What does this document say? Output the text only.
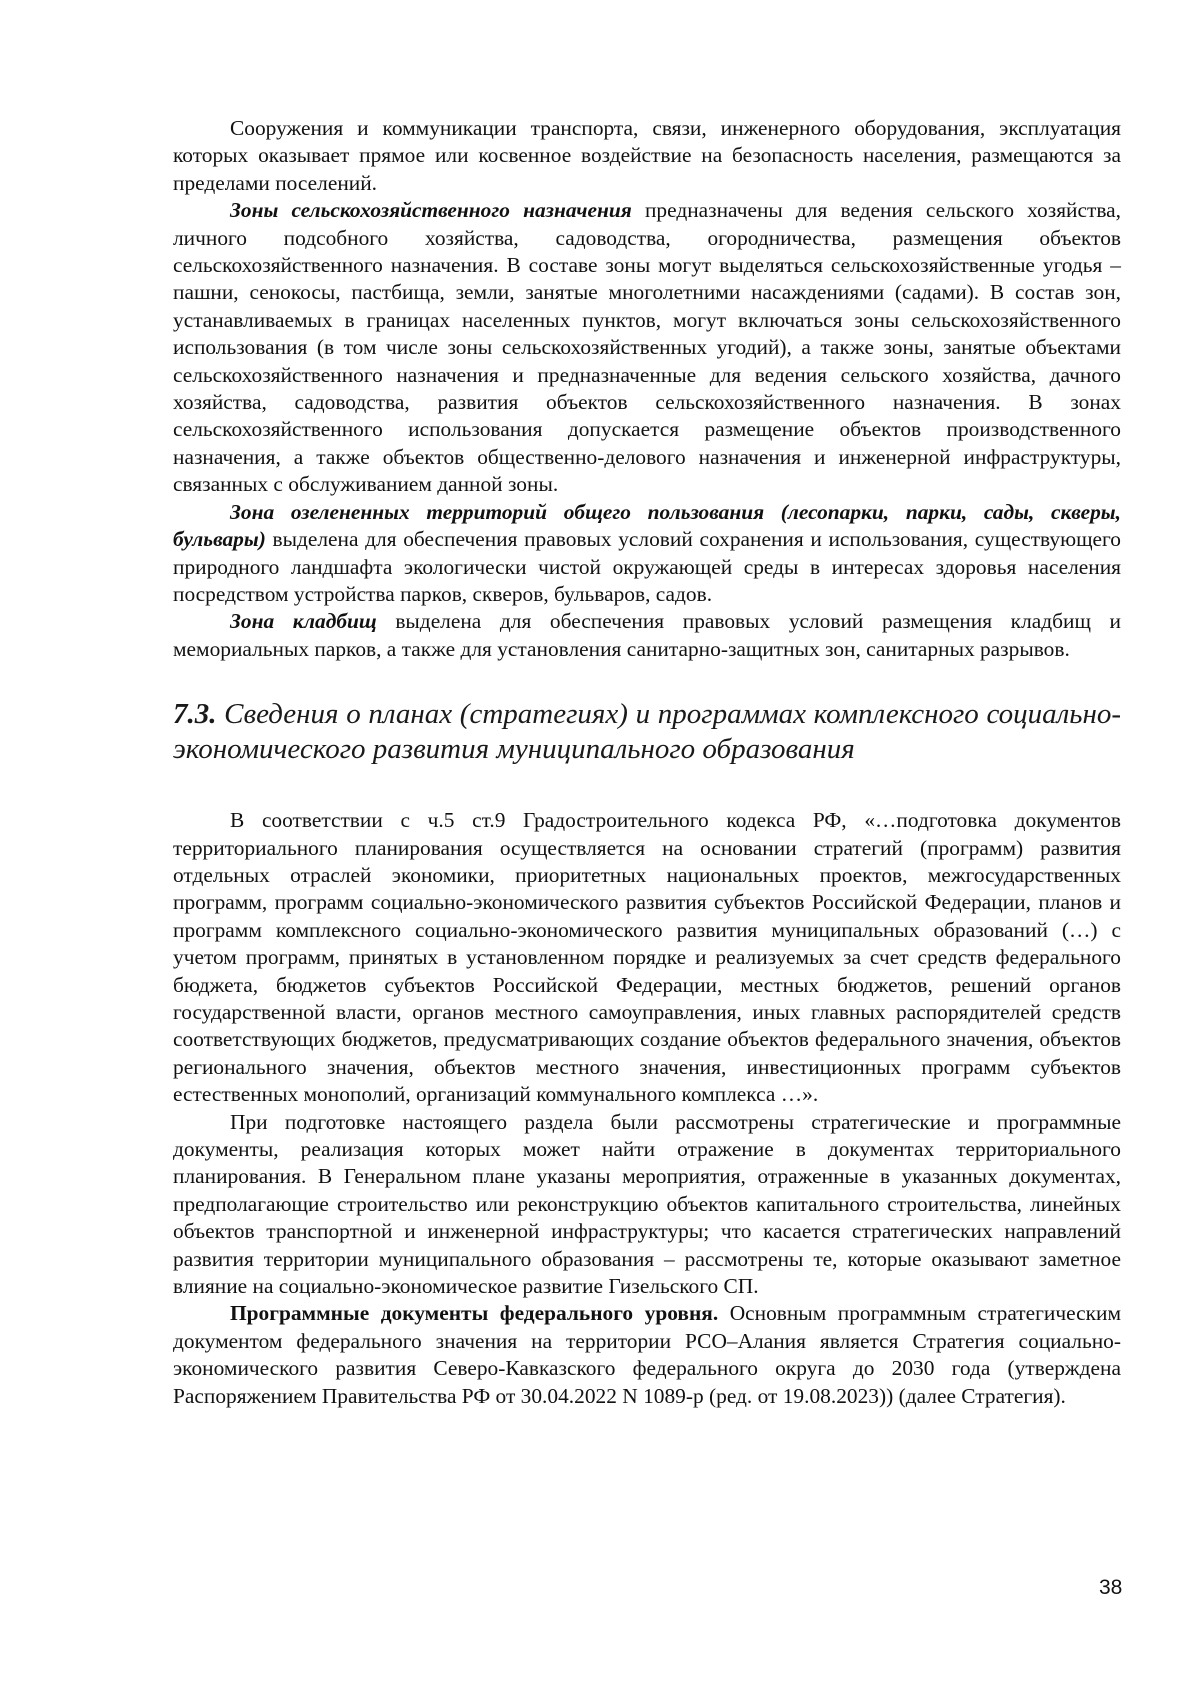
Сооружения и коммуникации транспорта, связи, инженерного оборудования, эксплуатация которых оказывает прямое или косвенное воздействие на безопасность населения, размещаются за пределами поселений.

Зоны сельскохозяйственного назначения предназначены для ведения сельского хозяйства, личного подсобного хозяйства, садоводства, огородничества, размещения объектов сельскохозяйственного назначения. В составе зоны могут выделяться сельскохозяйственные угодья – пашни, сенокосы, пастбища, земли, занятые многолетними насаждениями (садами). В состав зон, устанавливаемых в границах населенных пунктов, могут включаться зоны сельскохозяйственного использования (в том числе зоны сельскохозяйственных угодий), а также зоны, занятые объектами сельскохозяйственного назначения и предназначенные для ведения сельского хозяйства, дачного хозяйства, садоводства, развития объектов сельскохозяйственного назначения. В зонах сельскохозяйственного использования допускается размещение объектов производственного назначения, а также объектов общественно-делового назначения и инженерной инфраструктуры, связанных с обслуживанием данной зоны.

Зона озелененных территорий общего пользования (лесопарки, парки, сады, скверы, бульвары) выделена для обеспечения правовых условий сохранения и использования, существующего природного ландшафта экологически чистой окружающей среды в интересах здоровья населения посредством устройства парков, скверов, бульваров, садов.

Зона кладбищ выделена для обеспечения правовых условий размещения кладбищ и мемориальных парков, а также для установления санитарно-защитных зон, санитарных разрывов.

7.3. Сведения о планах (стратегиях) и программах комплексного социально-экономического развития муниципального образования

В соответствии с ч.5 ст.9 Градостроительного кодекса РФ, «…подготовка документов территориального планирования осуществляется на основании стратегий (программ) развития отдельных отраслей экономики, приоритетных национальных проектов, межгосударственных программ, программ социально-экономического развития субъектов Российской Федерации, планов и программ комплексного социально-экономического развития муниципальных образований (…) с учетом программ, принятых в установленном порядке и реализуемых за счет средств федерального бюджета, бюджетов субъектов Российской Федерации, местных бюджетов, решений органов государственной власти, органов местного самоуправления, иных главных распорядителей средств соответствующих бюджетов, предусматривающих создание объектов федерального значения, объектов регионального значения, объектов местного значения, инвестиционных программ субъектов естественных монополий, организаций коммунального комплекса …».

При подготовке настоящего раздела были рассмотрены стратегические и программные документы, реализация которых может найти отражение в документах территориального планирования. В Генеральном плане указаны мероприятия, отраженные в указанных документах, предполагающие строительство или реконструкцию объектов капитального строительства, линейных объектов транспортной и инженерной инфраструктуры; что касается стратегических направлений развития территории муниципального образования – рассмотрены те, которые оказывают заметное влияние на социально-экономическое развитие Гизельского СП.

Программные документы федерального уровня. Основным программным стратегическим документом федерального значения на территории РСО–Алания является Стратегия социально-экономического развития Северо-Кавказского федерального округа до 2030 года (утверждена Распоряжением Правительства РФ от 30.04.2022 N 1089-р (ред. от 19.08.2023)) (далее Стратегия).

38
